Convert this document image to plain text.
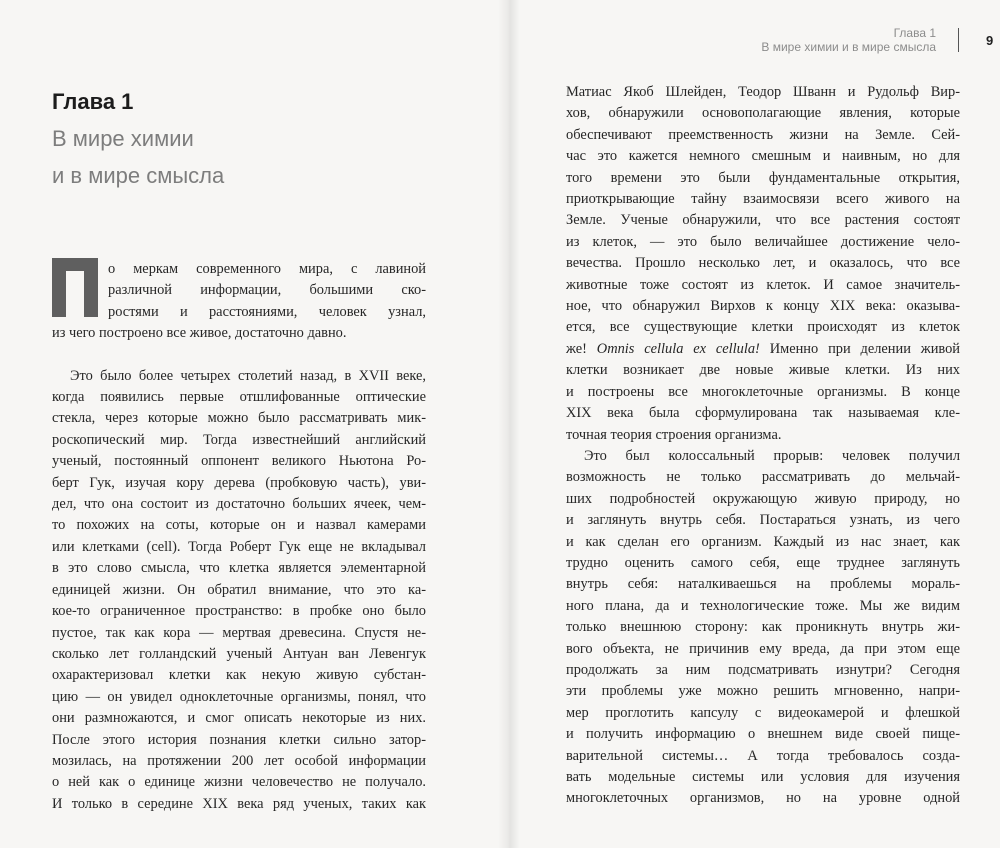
Глава 1
В мире химии и в мире смысла	9
Глава 1
В мире химии
и в мире смысла
о меркам современного мира, с лавиной
различной информации, большими ско-
ростями и расстояниями, человек узнал,
из чего построено все живое, достаточно давно.
Это было более четырех столетий назад, в XVII веке,
когда появились первые отшлифованные оптические
стекла, через которые можно было рассматривать мик-
роскопический мир. Тогда известнейший английский
ученый, постоянный оппонент великого Ньютона Ро-
берт Гук, изучая кору дерева (пробковую часть), уви-
дел, что она состоит из достаточно больших ячеек, чем-
то похожих на соты, которые он и назвал камерами
или клетками (cell). Тогда Роберт Гук еще не вкладывал
в это слово смысла, что клетка является элементарной
единицей жизни. Он обратил внимание, что это ка-
кое-то ограниченное пространство: в пробке оно было
пустое, так как кора — мертвая древесина. Спустя не-
сколько лет голландский ученый Антуан ван Левенгук
охарактеризовал клетки как некую живую субстан-
цию — он увидел одноклеточные организмы, понял, что
они размножаются, и смог описать некоторые из них.
После этого история познания клетки сильно затор-
мозилась, на протяжении 200 лет особой информации
о ней как о единице жизни человечество не получало.
И только в середине XIX века ряд ученых, таких как
Матиас Якоб Шлейден, Теодор Шванн и Рудольф Вир-
хов, обнаружили основополагающие явления, которые
обеспечивают преемственность жизни на Земле. Сей-
час это кажется немного смешным и наивным, но для
того времени это были фундаментальные открытия,
приоткрывающие тайну взаимосвязи всего живого на
Земле. Ученые обнаружили, что все растения состоят
из клеток, — это было величайшее достижение чело-
вечества. Прошло несколько лет, и оказалось, что все
животные тоже состоят из клеток. И самое значитель-
ное, что обнаружил Вирхов к концу XIX века: оказыва-
ется, все существующие клетки происходят из клеток
же! Omnis cellula ex cellula! Именно при делении живой
клетки возникает две новые живые клетки. Из них
и построены все многоклеточные организмы. В конце
XIX века была сформулирована так называемая кле-
точная теория строения организма.
Это был колоссальный прорыв: человек получил
возможность не только рассматривать до мельчай-
ших подробностей окружающую живую природу, но
и заглянуть внутрь себя. Постараться узнать, из чего
и как сделан его организм. Каждый из нас знает, как
трудно оценить самого себя, еще труднее заглянуть
внутрь себя: наталкиваешься на проблемы мораль-
ного плана, да и технологические тоже. Мы же видим
только внешнюю сторону: как проникнуть внутрь жи-
вого объекта, не причинив ему вреда, да при этом еще
продолжать за ним подсматривать изнутри? Сегодня
эти проблемы уже можно решить мгновенно, напри-
мер проглотить капсулу с видеокамерой и флешкой
и получить информацию о внешнем виде своей пище-
варительной системы… А тогда требовалось созда-
вать модельные системы или условия для изучения
многоклеточных организмов, но на уровне одной
